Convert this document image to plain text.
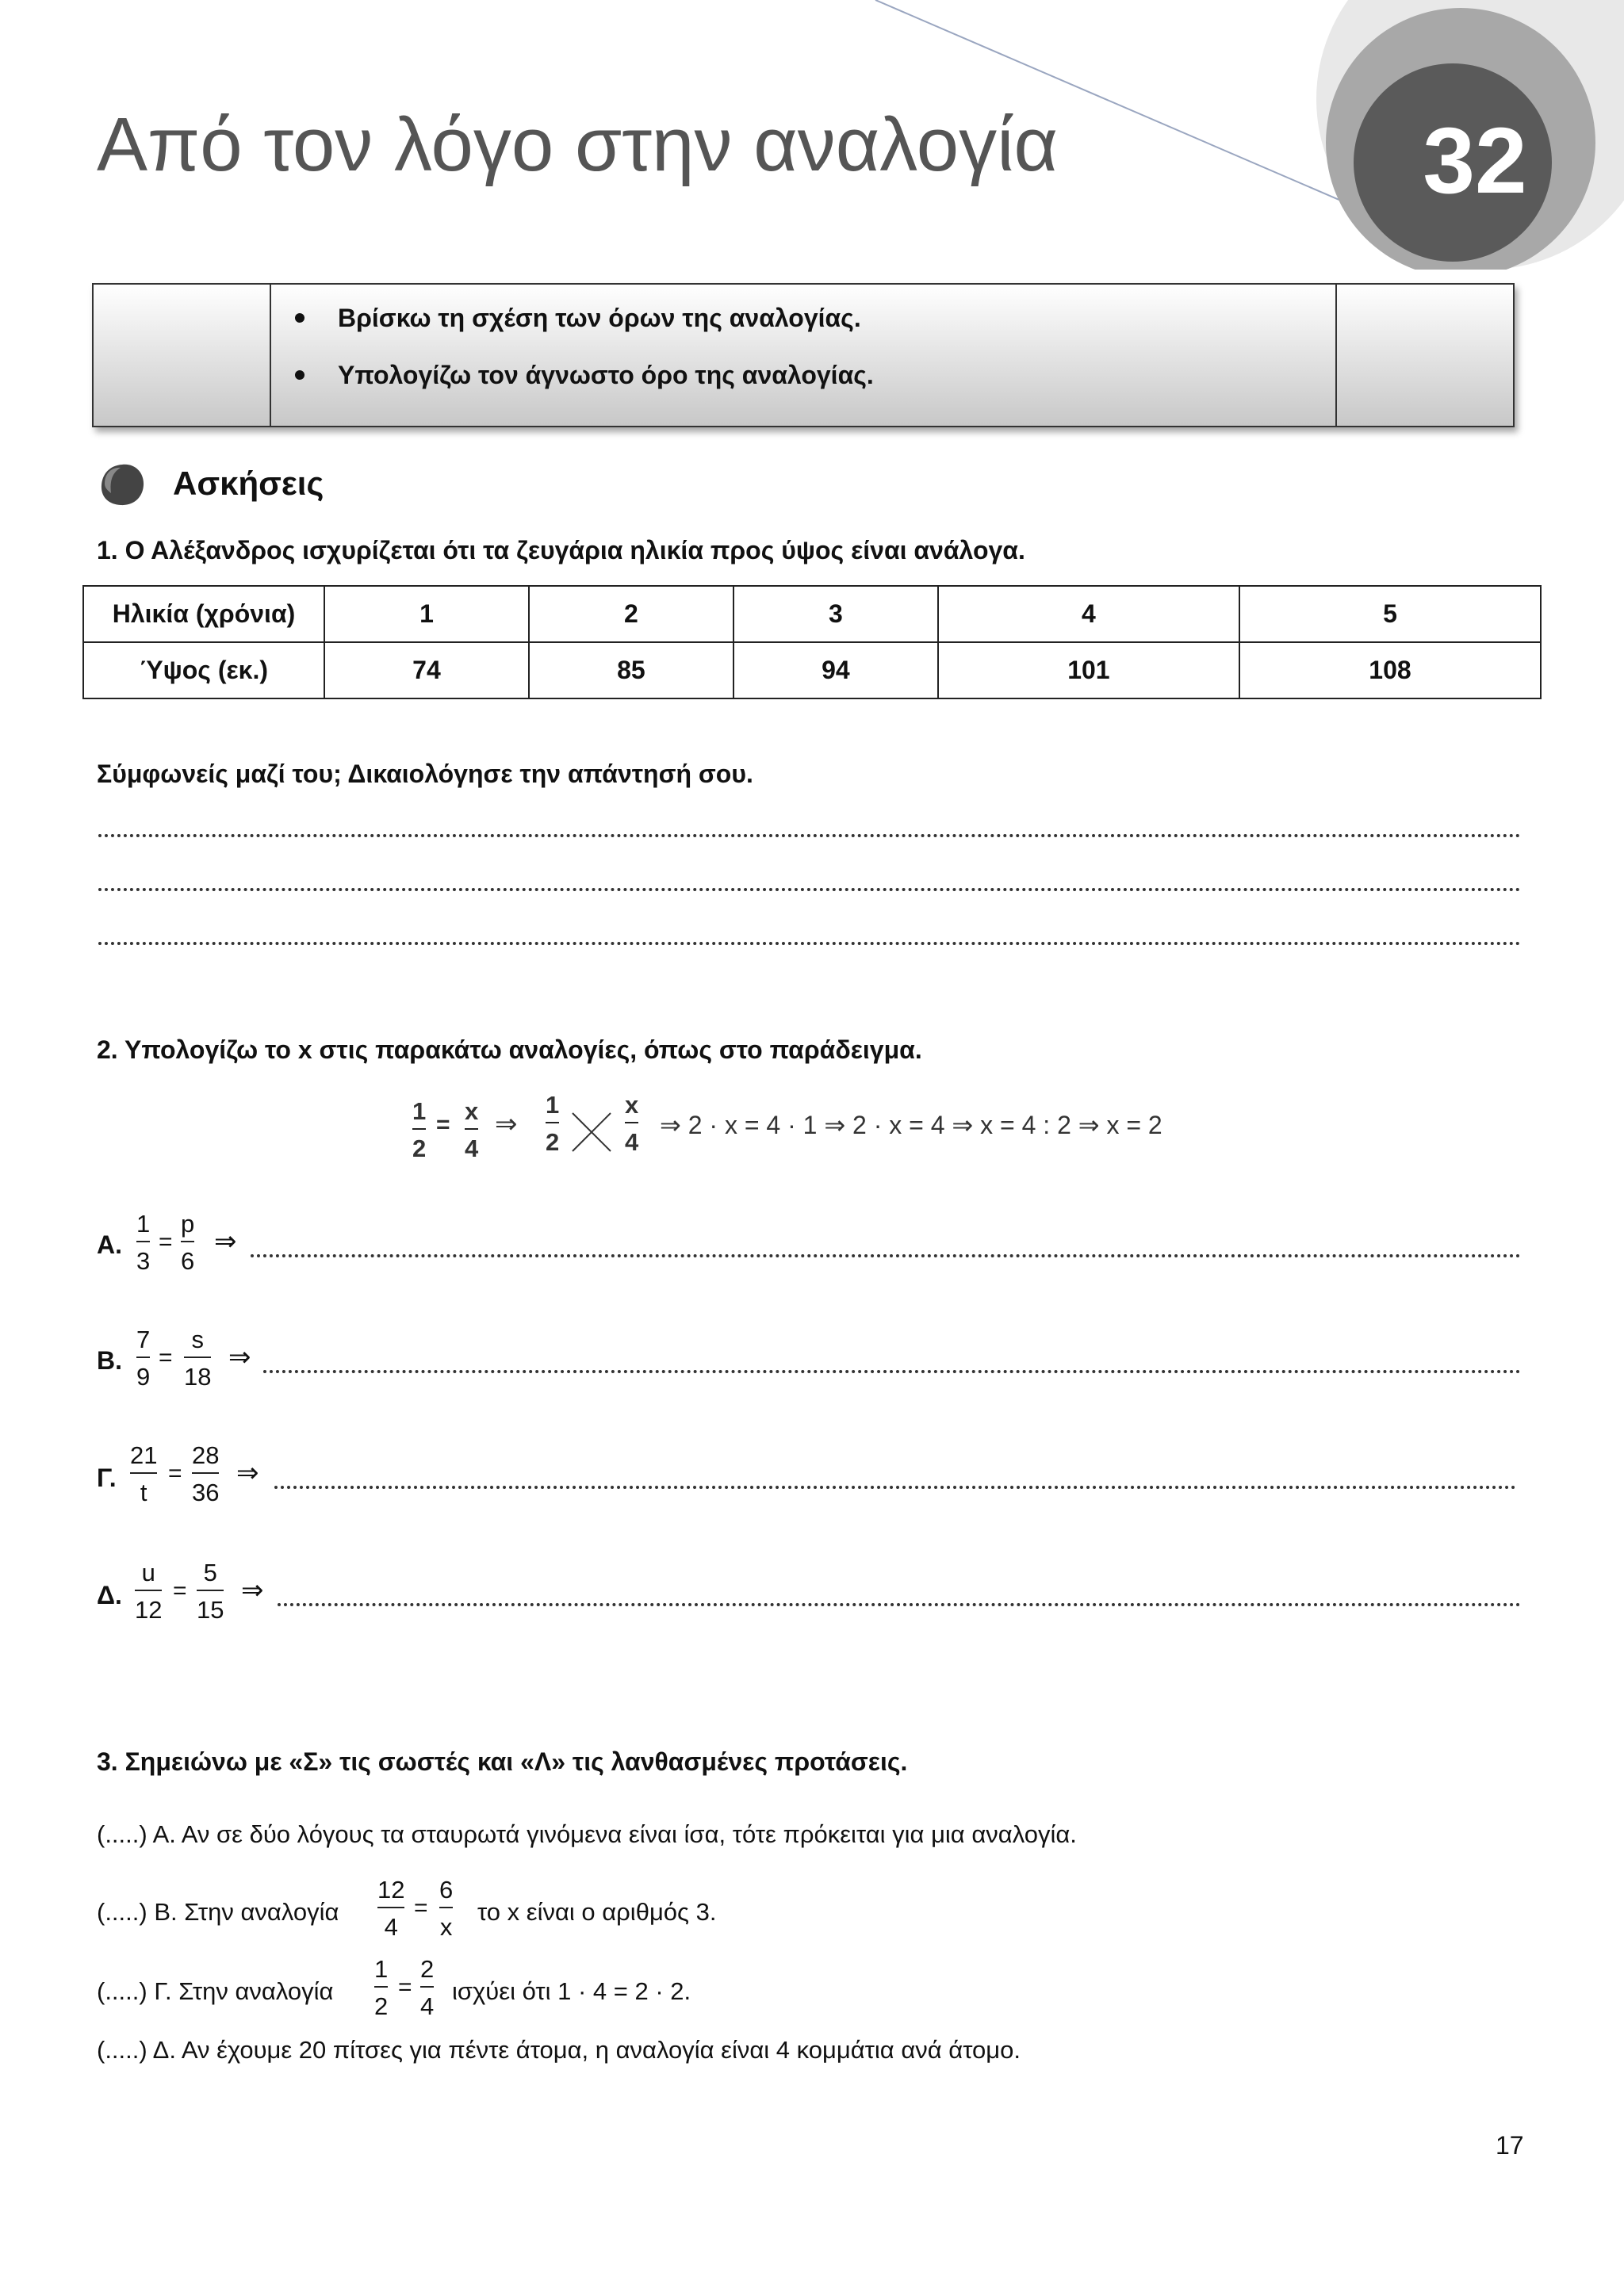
Από τον λόγο στην αναλογία	32
Βρίσκω τη σχέση των όρων της αναλογίας.
Υπολογίζω τον άγνωστο όρο της αναλογίας.
Ασκήσεις
1. Ο Αλέξανδρος ισχυρίζεται ότι τα ζευγάρια ηλικία προς ύψος είναι ανάλογα.
Ηλικία (χρόνια)	1	2	3	4	5
Ύψος (εκ.)	74	85	94	101	108
Σύμφωνείς μαζί του; Δικαιολόγησε την απάντησή σου.
2. Υπολογίζω το x στις παρακάτω αναλογίες, όπως στο παράδειγμα.
1
2
= x
4
⇒
1
2
x
4
⇒ 2 · x = 4 · 1 ⇒ 2 · x = 4 ⇒ x = 4 : 2 ⇒ x = 2
Α.
1
3
=
p
6
⇒
Β.
7
9
=
s
18
⇒
Γ.
21
t
=
28
36
⇒
Δ.
u
12
=
5
15
⇒
3. Σημειώνω με «Σ» τις σωστές και «Λ» τις λανθασμένες προτάσεις.
(.....) Α. Αν σε δύο λόγους τα σταυρωτά γινόμενα είναι ίσα, τότε πρόκειται για μια αναλογία.
(.....) Β. Στην αναλογία
12
4
=
6
x
το x είναι ο αριθμός 3.
(.....) Γ. Στην αναλογία
1
2
=
2
4
ισχύει ότι 1 · 4 = 2 · 2.
(.....) Δ. Αν έχουμε 20 πίτσες για πέντε άτομα, η αναλογία είναι 4 κομμάτια ανά άτομο.
17
